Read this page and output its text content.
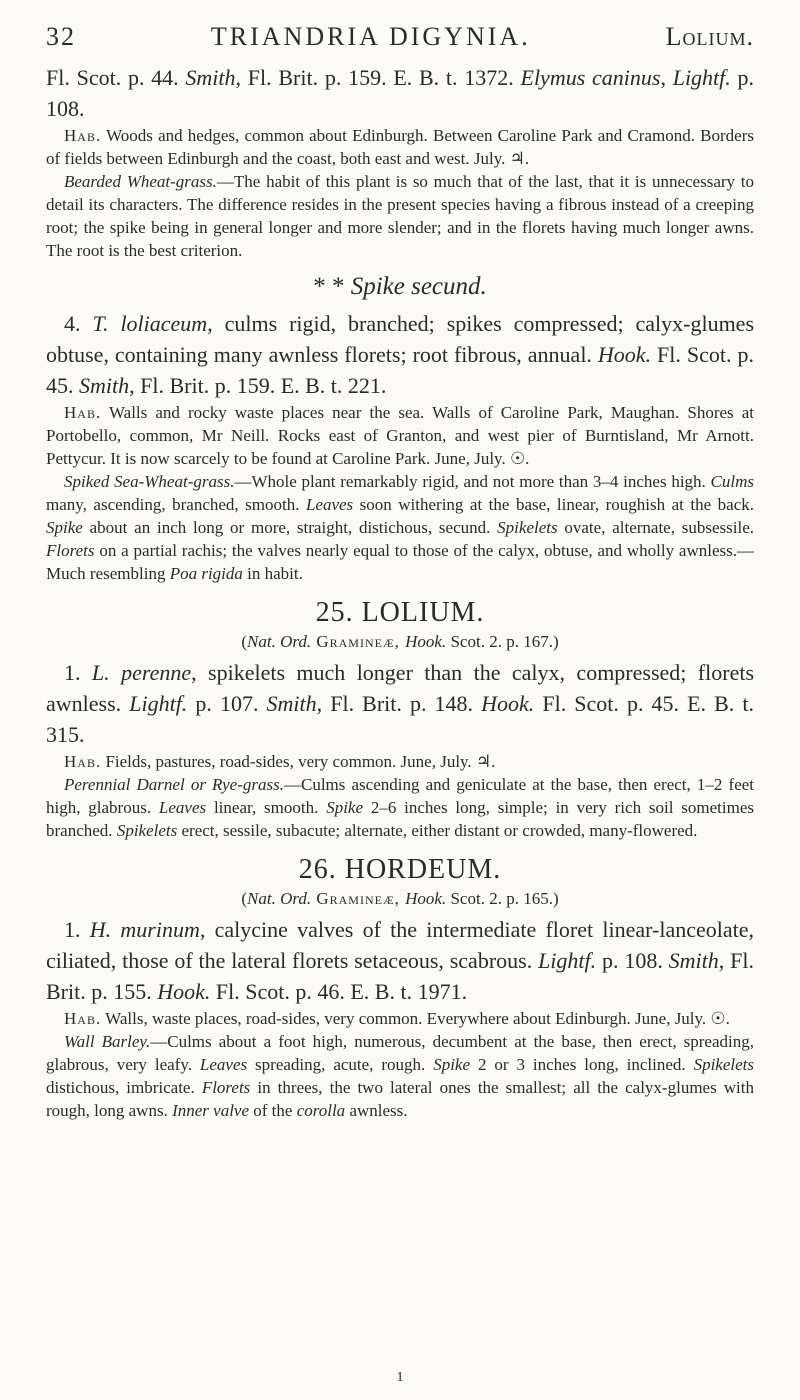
32	TRIANDRIA DIGYNIA.	Lolium.

Fl. Scot. p. 44. Smith, Fl. Brit. p. 159. E. B. t. 1372. Elymus caninus, Lightf. p. 108.

Hab. Woods and hedges, common about Edinburgh. Between Caroline Park and Cramond. Borders of fields between Edinburgh and the coast, both east and west. July. ♃.

Bearded Wheat-grass.—The habit of this plant is so much that of the last, that it is unnecessary to detail its characters. The difference resides in the present species having a fibrous instead of a creeping root; the spike being in general longer and more slender; and in the florets having much longer awns. The root is the best criterion.

* * Spike secund.

4. T. loliaceum, culms rigid, branched; spikes compressed; calyx-glumes obtuse, containing many awnless florets; root fibrous, annual. Hook. Fl. Scot. p. 45. Smith, Fl. Brit. p. 159. E. B. t. 221.

Hab. Walls and rocky waste places near the sea. Walls of Caroline Park, Maughan. Shores at Portobello, common, Mr Neill. Rocks east of Granton, and west pier of Burntisland, Mr Arnott. Pettycur. It is now scarcely to be found at Caroline Park. June, July. ☉.

Spiked Sea-Wheat-grass.—Whole plant remarkably rigid, and not more than 3–4 inches high. Culms many, ascending, branched, smooth. Leaves soon withering at the base, linear, roughish at the back. Spike about an inch long or more, straight, distichous, secund. Spikelets ovate, alternate, subsessile. Florets on a partial rachis; the valves nearly equal to those of the calyx, obtuse, and wholly awnless.—Much resembling Poa rigida in habit.

25. LOLIUM.
(Nat. Ord. Gramineæ, Hook. Scot. 2. p. 167.)

1. L. perenne, spikelets much longer than the calyx, compressed; florets awnless. Lightf. p. 107. Smith, Fl. Brit. p. 148. Hook. Fl. Scot. p. 45. E. B. t. 315.

Hab. Fields, pastures, road-sides, very common. June, July. ♃.

Perennial Darnel or Rye-grass.—Culms ascending and geniculate at the base, then erect, 1–2 feet high, glabrous. Leaves linear, smooth. Spike 2–6 inches long, simple; in very rich soil sometimes branched. Spikelets erect, sessile, subacute; alternate, either distant or crowded, many-flowered.

26. HORDEUM.
(Nat. Ord. Gramineæ, Hook. Scot. 2. p. 165.)

1. H. murinum, calycine valves of the intermediate floret linear-lanceolate, ciliated, those of the lateral florets setaceous, scabrous. Lightf. p. 108. Smith, Fl. Brit. p. 155. Hook. Fl. Scot. p. 46. E. B. t. 1971.

Hab. Walls, waste places, road-sides, very common. Everywhere about Edinburgh. June, July. ☉.

Wall Barley.—Culms about a foot high, numerous, decumbent at the base, then erect, spreading, glabrous, very leafy. Leaves spreading, acute, rough. Spike 2 or 3 inches long, inclined. Spikelets distichous, imbricate. Florets in threes, the two lateral ones the smallest; all the calyx-glumes with rough, long awns. Inner valve of the corolla awnless.

1
